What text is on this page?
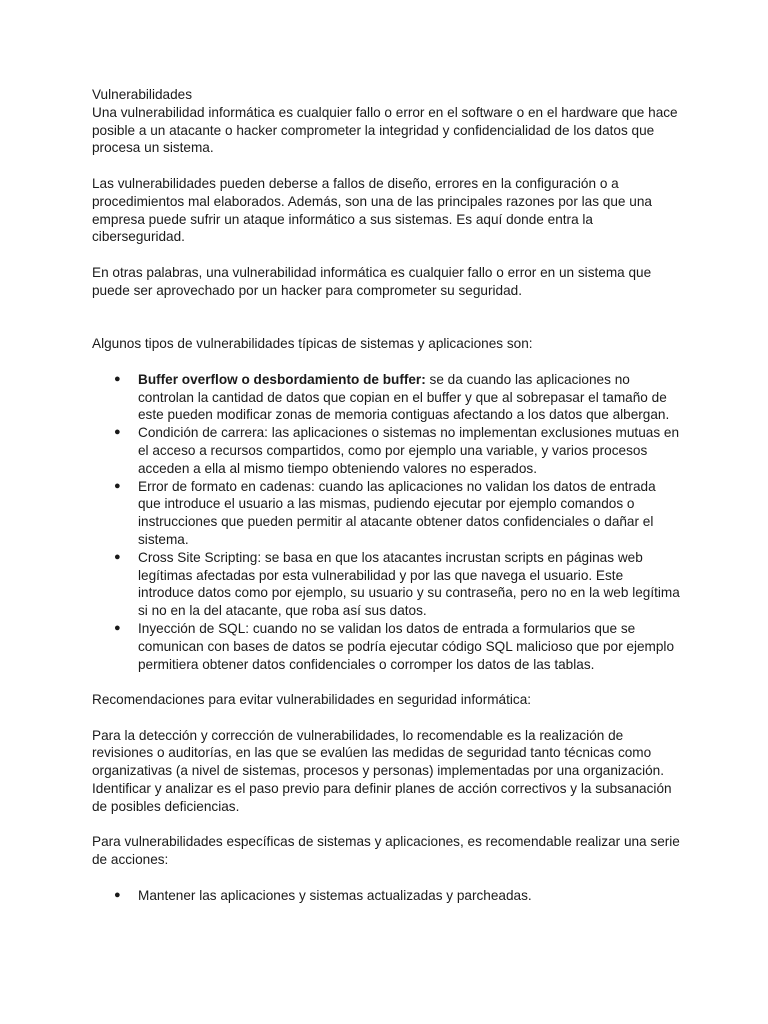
Vulnerabilidades

Una vulnerabilidad informática es cualquier fallo o error en el software o en el hardware que hace posible a un atacante o hacker comprometer la integridad y confidencialidad de los datos que procesa un sistema.

Las vulnerabilidades pueden deberse a fallos de diseño, errores en la configuración o a procedimientos mal elaborados. Además, son una de las principales razones por las que una empresa puede sufrir un ataque informático a sus sistemas. Es aquí donde entra la ciberseguridad.

En otras palabras, una vulnerabilidad informática es cualquier fallo o error en un sistema que puede ser aprovechado por un hacker para comprometer su seguridad.

Algunos tipos de vulnerabilidades típicas de sistemas y aplicaciones son:

● Buffer overflow o desbordamiento de buffer: se da cuando las aplicaciones no controlan la cantidad de datos que copian en el buffer y que al sobrepasar el tamaño de este pueden modificar zonas de memoria contiguas afectando a los datos que albergan.
● Condición de carrera: las aplicaciones o sistemas no implementan exclusiones mutuas en el acceso a recursos compartidos, como por ejemplo una variable, y varios procesos acceden a ella al mismo tiempo obteniendo valores no esperados.
● Error de formato en cadenas: cuando las aplicaciones no validan los datos de entrada que introduce el usuario a las mismas, pudiendo ejecutar por ejemplo comandos o instrucciones que pueden permitir al atacante obtener datos confidenciales o dañar el sistema.
● Cross Site Scripting: se basa en que los atacantes incrustan scripts en páginas web legítimas afectadas por esta vulnerabilidad y por las que navega el usuario. Este introduce datos como por ejemplo, su usuario y su contraseña, pero no en la web legítima si no en la del atacante, que roba así sus datos.
● Inyección de SQL: cuando no se validan los datos de entrada a formularios que se comunican con bases de datos se podría ejecutar código SQL malicioso que por ejemplo permitiera obtener datos confidenciales o corromper los datos de las tablas.

Recomendaciones para evitar vulnerabilidades en seguridad informática:

Para la detección y corrección de vulnerabilidades, lo recomendable es la realización de revisiones o auditorías, en las que se evalúen las medidas de seguridad tanto técnicas como organizativas (a nivel de sistemas, procesos y personas) implementadas por una organización. Identificar y analizar es el paso previo para definir planes de acción correctivos y la subsanación de posibles deficiencias.

Para vulnerabilidades específicas de sistemas y aplicaciones, es recomendable realizar una serie de acciones:

● Mantener las aplicaciones y sistemas actualizadas y parcheadas.
